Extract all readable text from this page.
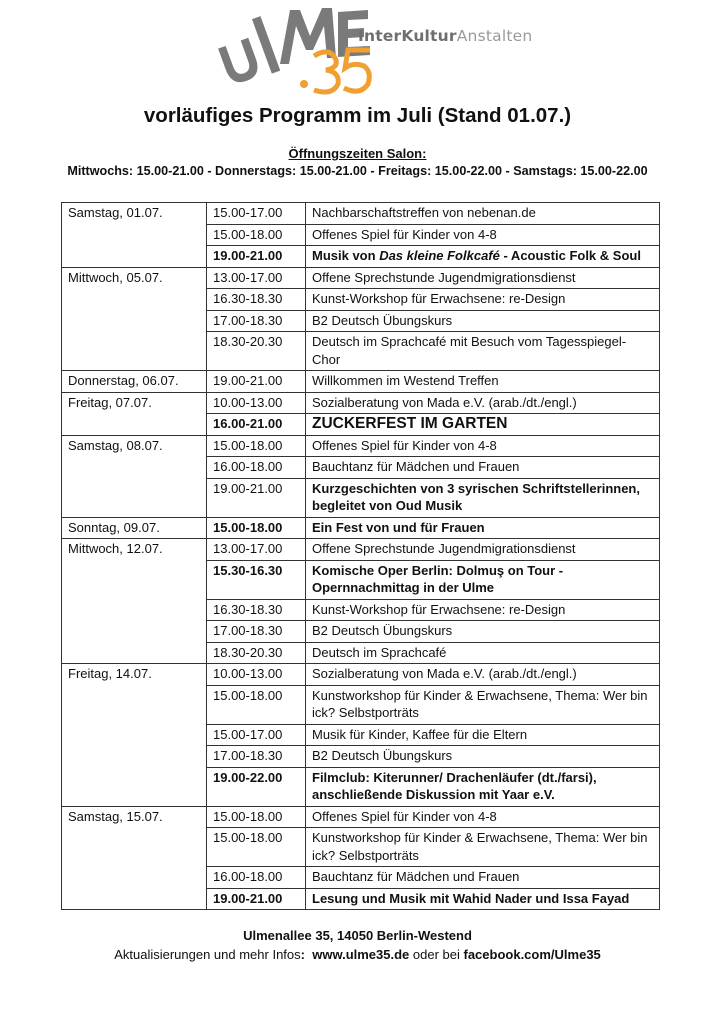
InterKulturAnstalten
vorläufiges Programm im Juli (Stand 01.07.)
Öffnungszeiten Salon:
Mittwochs: 15.00-21.00 - Donnerstags: 15.00-21.00 - Freitags: 15.00-22.00 - Samstags: 15.00-22.00
Samstag, 01.07.	15.00-17.00	Nachbarschaftstreffen von nebenan.de
	15.00-18.00	Offenes Spiel für Kinder von 4-8
	19.00-21.00	Musik von Das kleine Folkcafé - Acoustic Folk & Soul
Mittwoch, 05.07.	13.00-17.00	Offene Sprechstunde Jugendmigrationsdienst
	16.30-18.30	Kunst-Workshop für Erwachsene: re-Design
	17.00-18.30	B2 Deutsch Übungskurs
	18.30-20.30	Deutsch im Sprachcafé mit Besuch vom Tagesspiegel-Chor
Donnerstag, 06.07.	19.00-21.00	Willkommen im Westend Treffen
Freitag, 07.07.	10.00-13.00	Sozialberatung von Mada e.V. (arab./dt./engl.)
	16.00-21.00	ZUCKERFEST IM GARTEN
Samstag, 08.07.	15.00-18.00	Offenes Spiel für Kinder von 4-8
	16.00-18.00	Bauchtanz für Mädchen und Frauen
	19.00-21.00	Kurzgeschichten von 3 syrischen Schriftstellerinnen, begleitet von Oud Musik
Sonntag, 09.07.	15.00-18.00	Ein Fest von und für Frauen
Mittwoch, 12.07.	13.00-17.00	Offene Sprechstunde Jugendmigrationsdienst
	15.30-16.30	Komische Oper Berlin: Dolmuş on Tour - Opernnachmittag in der Ulme
	16.30-18.30	Kunst-Workshop für Erwachsene: re-Design
	17.00-18.30	B2 Deutsch Übungskurs
	18.30-20.30	Deutsch im Sprachcafé
Freitag, 14.07.	10.00-13.00	Sozialberatung von Mada e.V. (arab./dt./engl.)
	15.00-18.00	Kunstworkshop für Kinder & Erwachsene, Thema: Wer bin ick? Selbstporträts
	15.00-17.00	Musik für Kinder, Kaffee für die Eltern
	17.00-18.30	B2 Deutsch Übungskurs
	19.00-22.00	Filmclub: Kiterunner/ Drachenläufer (dt./farsi), anschließende Diskussion mit Yaar e.V.
Samstag, 15.07.	15.00-18.00	Offenes Spiel für Kinder von 4-8
	15.00-18.00	Kunstworkshop für Kinder & Erwachsene, Thema: Wer bin ick? Selbstporträts
	16.00-18.00	Bauchtanz für Mädchen und Frauen
	19.00-21.00	Lesung und Musik mit Wahid Nader und Issa Fayad
Ulmenallee 35, 14050 Berlin-Westend
Aktualisierungen und mehr Infos: www.ulme35.de oder bei facebook.com/Ulme35
